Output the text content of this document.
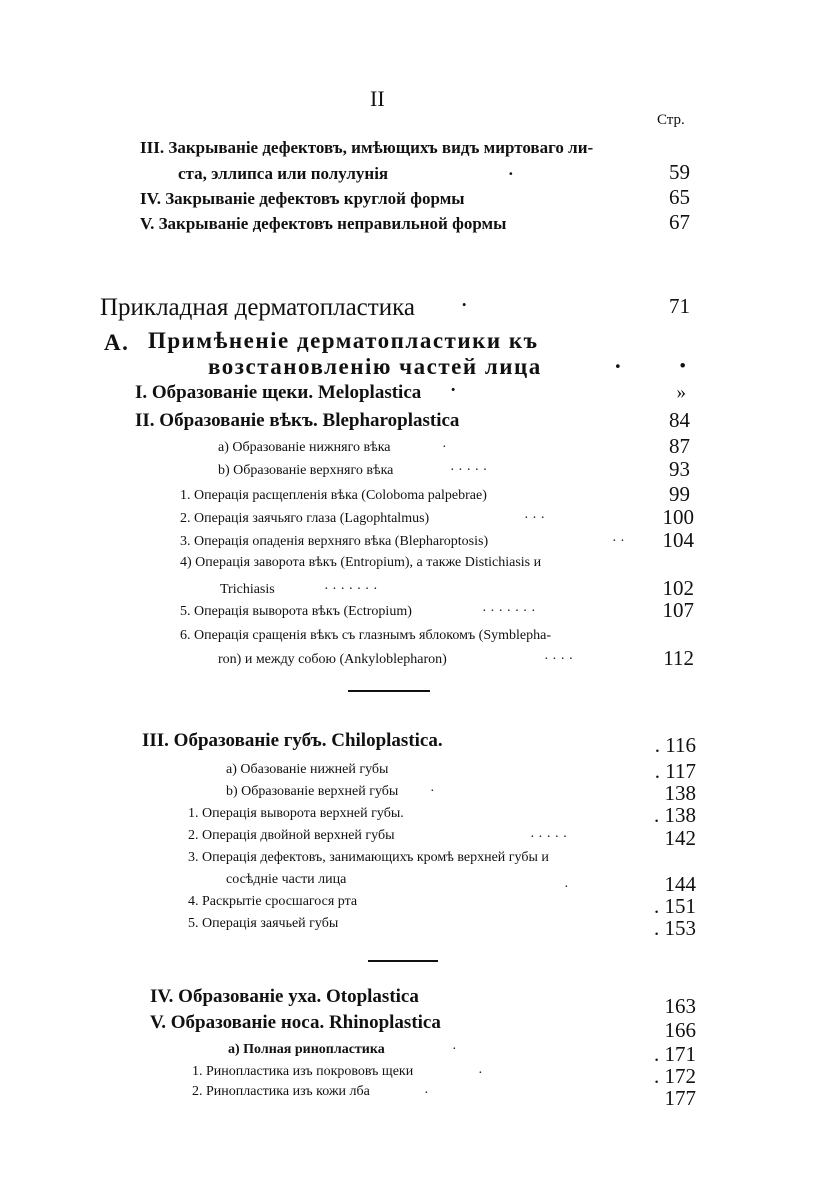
II
Стр.
III. Закрываніе дефектовъ, имѣющихъ видъ миртоваго ли-
ста, эллипса или полулунія	·	59
IV. Закрываніе дефектовъ круглой формы	65
V. Закрываніе дефектовъ неправильной формы	67
Прикладная дерматопластика ·	71
А. Примѣненіе дерматопластики къ
возстановленію частей лица	·	•
I. Образованіе щеки. Meloplastica ·	»
II. Образованіе вѣкъ. Blepharoplastica	84
a) Образованіе нижняго вѣка	·	87
b) Образованіе верхняго вѣка	· · · · ·	93
1. Операція расщепленія вѣка (Coloboma palpebrae)	99
2. Операція заячьяго глаза (Lagophtalmus)	· · ·	100
3. Операція опаденія верхняго вѣка (Blepharoptosis)	· · 104
4) Операція заворота вѣкъ (Entropium), а также Distichiasis и
Trichiasis	· · · · · · ·	102
5. Операція выворота вѣкъ (Ectropium)	· · · · · · ·	107
6. Операція сращенія вѣкъ съ глазнымъ яблокомъ (Symblepha-
ron) и между собою (Ankyloblepharon)	· · · ·	112
III. Образованіе губъ. Chiloplastica.	. 116
a) Обазованіе нижней губы	. 117
b) Образованіе верхней губы ·	138
1. Операція выворота верхней губы.	. 138
2. Операція двойной верхней губы	· · · · ·	142
3. Операція дефектовъ, занимающихъ кромѣ верхней губы и
сосѣдніе части лица
·	144
4. Раскрытіе сросшагося рта	. 151
5. Операція заячьей губы	. 153
IV. Образованіе уха. Otoplastica	163
V. Образованіе носа. Rhinoplastica	166
a) Полная ринопластика	·	. 171
1. Ринопластика изъ покрововъ щеки	·	. 172
2. Ринопластика изъ кожи лба	·	177
